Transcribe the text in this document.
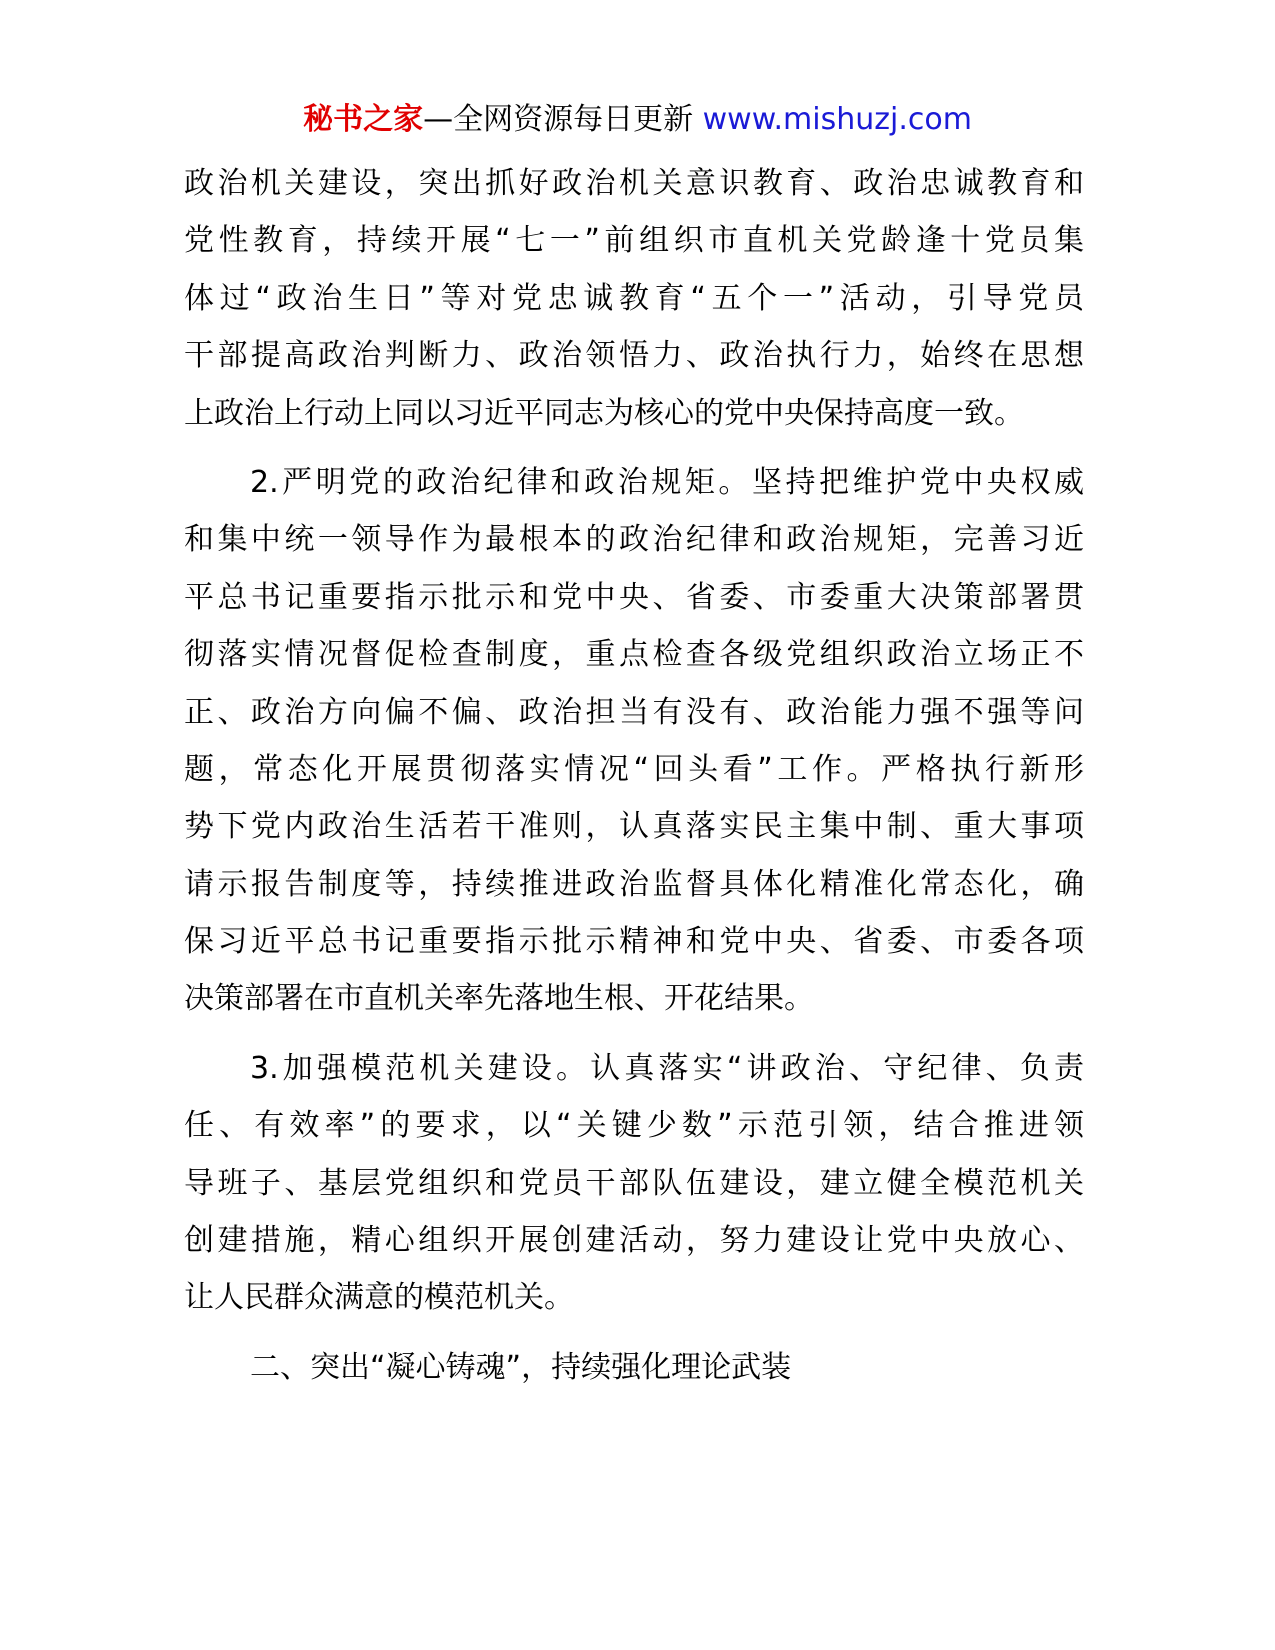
秘书之家—全网资源每日更新 www.mishuzj.com
政治机关建设，突出抓好政治机关意识教育、政治忠诚教育和
党性教育，持续开展“七一”前组织市直机关党龄逢十党员集
体过“政治生日”等对党忠诚教育“五个一”活动，引导党员
干部提高政治判断力、政治领悟力、政治执行力，始终在思想
上政治上行动上同以习近平同志为核心的党中央保持高度一致。
2.严明党的政治纪律和政治规矩。坚持把维护党中央权威
和集中统一领导作为最根本的政治纪律和政治规矩，完善习近
平总书记重要指示批示和党中央、省委、市委重大决策部署贯
彻落实情况督促检查制度，重点检查各级党组织政治立场正不
正、政治方向偏不偏、政治担当有没有、政治能力强不强等问
题，常态化开展贯彻落实情况“回头看”工作。严格执行新形
势下党内政治生活若干准则，认真落实民主集中制、重大事项
请示报告制度等，持续推进政治监督具体化精准化常态化，确
保习近平总书记重要指示批示精神和党中央、省委、市委各项
决策部署在市直机关率先落地生根、开花结果。
3.加强模范机关建设。认真落实“讲政治、守纪律、负责
任、有效率”的要求，以“关键少数”示范引领，结合推进领
导班子、基层党组织和党员干部队伍建设，建立健全模范机关
创建措施，精心组织开展创建活动，努力建设让党中央放心、
让人民群众满意的模范机关。
二、突出“凝心铸魂”，持续强化理论武装
